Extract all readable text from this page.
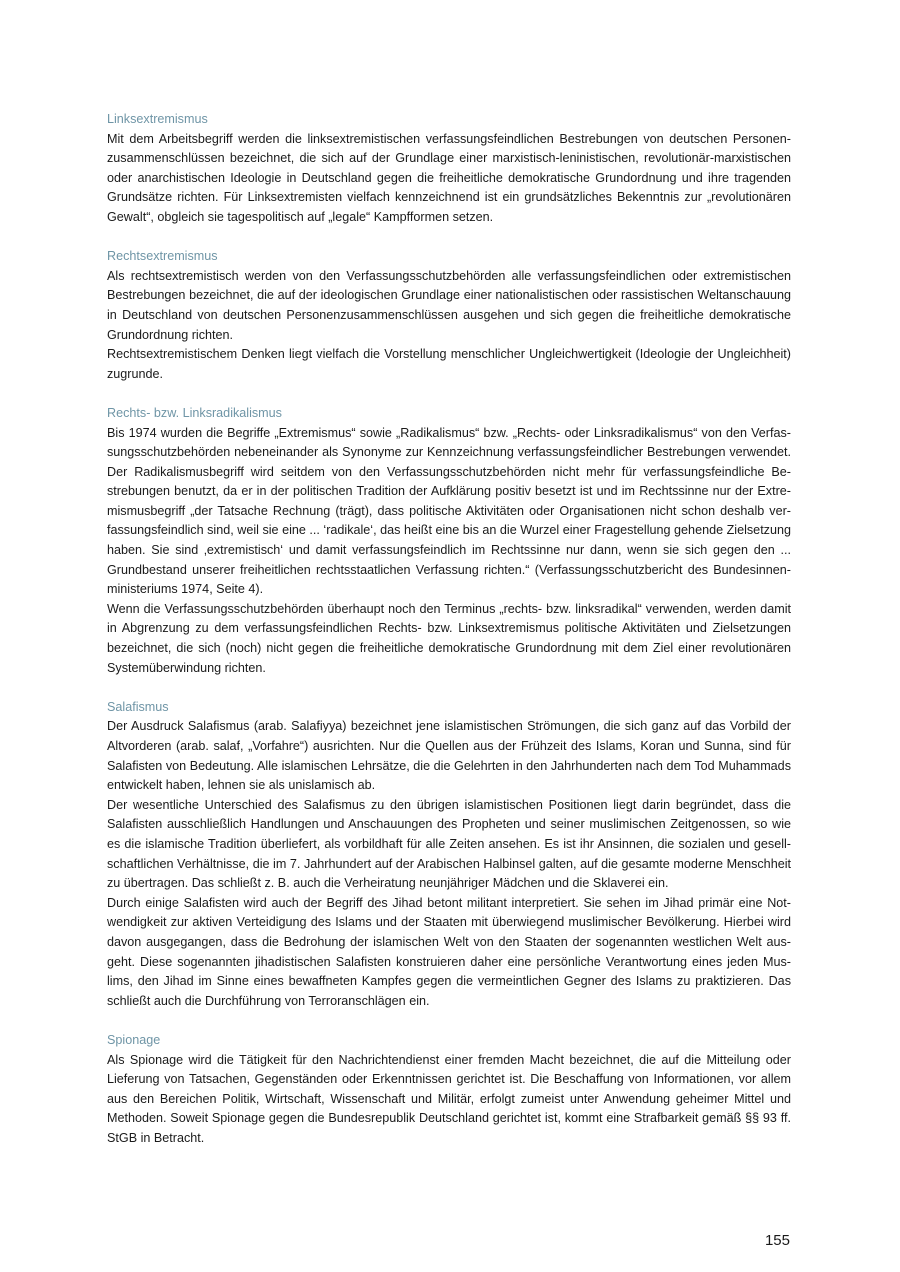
Linksextremismus

Mit dem Arbeitsbegriff werden die linksextremistischen verfassungsfeindlichen Bestrebungen von deutschen Personenzusammenschlüssen bezeichnet, die sich auf der Grundlage einer marxistisch-leninistischen, revolutionär-marxistischen oder anarchistischen Ideologie in Deutschland gegen die freiheitliche demokratische Grundordnung und ihre tragenden Grundsätze richten. Für Linksextremisten vielfach kennzeichnend ist ein grundsätzliches Bekenntnis zur „revolutionären Gewalt“, obgleich sie tagespolitisch auf „legale“ Kampfformen setzen.

Rechtsextremismus

Als rechtsextremistisch werden von den Verfassungsschutzbehörden alle verfassungsfeindlichen oder extremistischen Bestrebungen bezeichnet, die auf der ideologischen Grundlage einer nationalistischen oder rassistischen Weltanschauung in Deutschland von deutschen Personenzusammenschlüssen ausgehen und sich gegen die freiheitliche demokratische Grundordnung richten.

Rechtsextremistischem Denken liegt vielfach die Vorstellung menschlicher Ungleichwertigkeit (Ideologie der Ungleichheit) zugrunde.

Rechts- bzw. Linksradikalismus

Bis 1974 wurden die Begriffe „Extremismus“ sowie „Radikalismus“ bzw. „Rechts- oder Linksradikalismus“ von den Verfassungsschutzbehörden nebeneinander als Synonyme zur Kennzeichnung verfassungsfeindlicher Bestrebungen verwendet. Der Radikalismusbegriff wird seitdem von den Verfassungsschutzbehörden nicht mehr für verfassungsfeindliche Bestrebungen benutzt, da er in der politischen Tradition der Aufklärung positiv besetzt ist und im Rechtssinne nur der Extremismusbegriff „der Tatsache Rechnung (trägt), dass politische Aktivitäten oder Organisationen nicht schon deshalb verfassungsfeindlich sind, weil sie eine ... ‘radikale‘, das heißt eine bis an die Wurzel einer Fragestellung gehende Zielsetzung haben. Sie sind ‚extremistisch‘ und damit verfassungsfeindlich im Rechtssinne nur dann, wenn sie sich gegen den ... Grundbestand unserer freiheitlichen rechtsstaatlichen Verfassung richten.“ (Verfassungsschutzbericht des Bundesinnenministeriums 1974, Seite 4).

Wenn die Verfassungsschutzbehörden überhaupt noch den Terminus „rechts- bzw. linksradikal“ verwenden, werden damit in Abgrenzung zu dem verfassungsfeindlichen Rechts- bzw. Linksextremismus politische Aktivitäten und Zielsetzungen bezeichnet, die sich (noch) nicht gegen die freiheitliche demokratische Grundordnung mit dem Ziel einer revolutionären Systemüberwindung richten.

Salafismus

Der Ausdruck Salafismus (arab. Salafiyya) bezeichnet jene islamistischen Strömungen, die sich ganz auf das Vorbild der Altvorderen (arab. salaf, „Vorfahre“) ausrichten. Nur die Quellen aus der Frühzeit des Islams, Koran und Sunna, sind für Salafisten von Bedeutung. Alle islamischen Lehrsätze, die die Gelehrten in den Jahrhunderten nach dem Tod Muhammads entwickelt haben, lehnen sie als unislamisch ab.

Der wesentliche Unterschied des Salafismus zu den übrigen islamistischen Positionen liegt darin begründet, dass die Salafisten ausschließlich Handlungen und Anschauungen des Propheten und seiner muslimischen Zeitgenossen, so wie es die islamische Tradition überliefert, als vorbildhaft für alle Zeiten ansehen. Es ist ihr Ansinnen, die sozialen und gesellschaftlichen Verhältnisse, die im 7. Jahrhundert auf der Arabischen Halbinsel galten, auf die gesamte moderne Menschheit zu übertragen. Das schließt z. B. auch die Verheiratung neunjähriger Mädchen und die Sklaverei ein.

Durch einige Salafisten wird auch der Begriff des Jihad betont militant interpretiert. Sie sehen im Jihad primär eine Notwendigkeit zur aktiven Verteidigung des Islams und der Staaten mit überwiegend muslimischer Bevölkerung. Hierbei wird davon ausgegangen, dass die Bedrohung der islamischen Welt von den Staaten der sogenannten westlichen Welt ausgeht. Diese sogenannten jihadistischen Salafisten konstruieren daher eine persönliche Verantwortung eines jeden Muslims, den Jihad im Sinne eines bewaffneten Kampfes gegen die vermeintlichen Gegner des Islams zu praktizieren. Das schließt auch die Durchführung von Terroranschlägen ein.

Spionage

Als Spionage wird die Tätigkeit für den Nachrichtendienst einer fremden Macht bezeichnet, die auf die Mitteilung oder Lieferung von Tatsachen, Gegenständen oder Erkenntnissen gerichtet ist. Die Beschaffung von Informationen, vor allem aus den Bereichen Politik, Wirtschaft, Wissenschaft und Militär, erfolgt zumeist unter Anwendung geheimer Mittel und Methoden. Soweit Spionage gegen die Bundesrepublik Deutschland gerichtet ist, kommt eine Strafbarkeit gemäß §§ 93 ff. StGB in Betracht.

155
